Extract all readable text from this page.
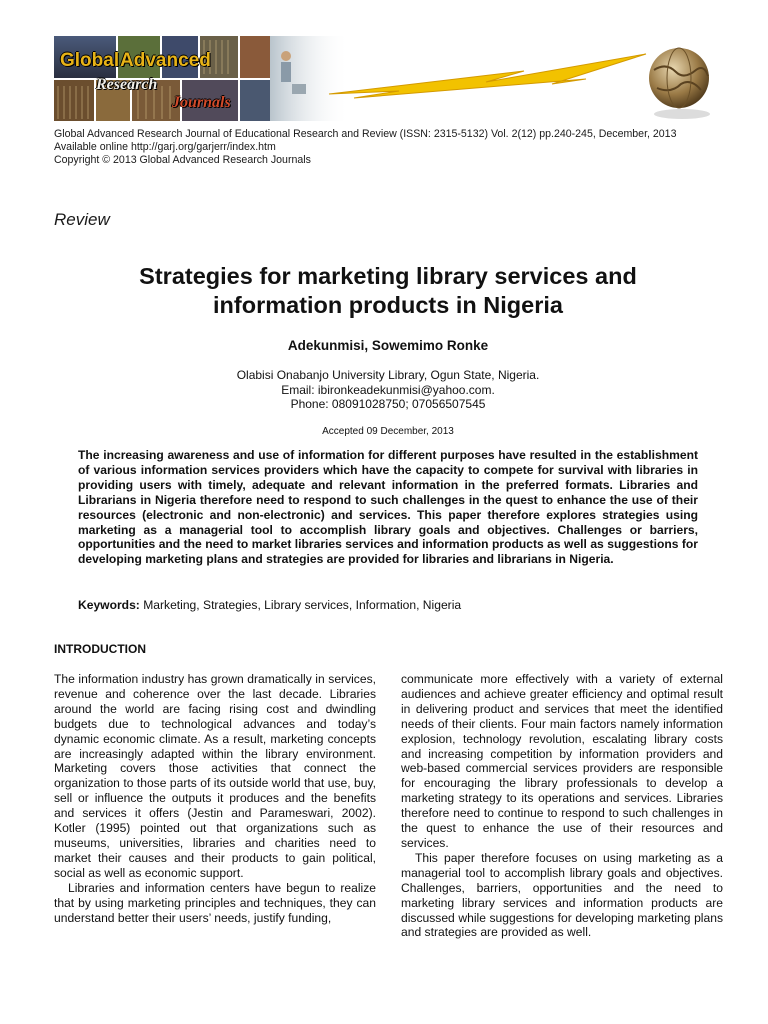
Global Advanced
Research
Journals
Global Advanced Research Journal of Educational Research and Review (ISSN: 2315-5132) Vol. 2(12) pp.240-245, December, 2013
Available online http://garj.org/garjerr/index.htm
Copyright © 2013 Global Advanced Research Journals
Review
Strategies for marketing library services and
information products in Nigeria
Adekunmisi, Sowemimo Ronke
Olabisi Onabanjo University Library, Ogun State, Nigeria.
Email: ibironkeadekunmisi@yahoo.com.
Phone: 08091028750; 07056507545
Accepted 09 December, 2013

The increasing awareness and use of information for different purposes have resulted in the establishment of various information services providers which have the capacity to compete for survival with libraries in providing users with timely, adequate and relevant information in the preferred formats. Libraries and Librarians in Nigeria therefore need to respond to such challenges in the quest to enhance the use of their resources (electronic and non-electronic) and services. This paper therefore explores strategies using marketing as a managerial tool to accomplish library goals and objectives. Challenges or barriers, opportunities and the need to market libraries services and information products as well as suggestions for developing marketing plans and strategies are provided for libraries and librarians in Nigeria.

Keywords: Marketing, Strategies, Library services, Information, Nigeria

INTRODUCTION

The information industry has grown dramatically in services, revenue and coherence over the last decade. Libraries around the world are facing rising cost and dwindling budgets due to technological advances and today’s dynamic economic climate. As a result, marketing concepts are increasingly adapted within the library environment. Marketing covers those activities that connect the organization to those parts of its outside world that use, buy, sell or influence the outputs it produces and the benefits and services it offers (Jestin and Parameswari, 2002). Kotler (1995) pointed out that organizations such as museums, universities, libraries and charities need to market their causes and their products to gain political, social as well as economic support.

Libraries and information centers have begun to realize that by using marketing principles and techniques, they can understand better their users’ needs, justify funding,

communicate more effectively with a variety of external audiences and achieve greater efficiency and optimal result in delivering product and services that meet the identified needs of their clients. Four main factors namely information explosion, technology revolution, escalating library costs and increasing competition by information providers and web-based commercial services providers are responsible for encouraging the library professionals to develop a marketing strategy to its operations and services. Libraries therefore need to continue to respond to such challenges in the quest to enhance the use of their resources and services.

This paper therefore focuses on using marketing as a managerial tool to accomplish library goals and objectives. Challenges, barriers, opportunities and the need to marketing library services and information products are discussed while suggestions for developing marketing plans and strategies are provided as well.
